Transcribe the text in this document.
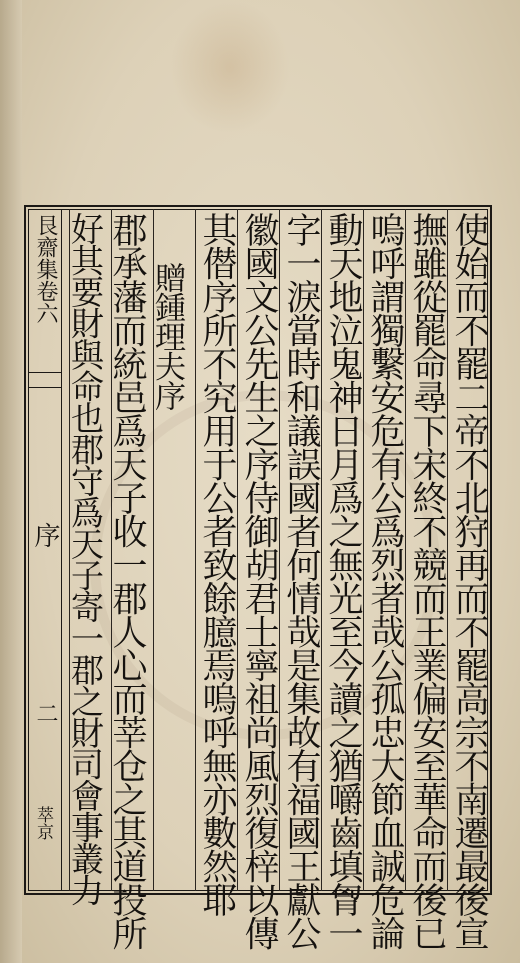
艮齋集卷六
序
二
萃京	使始而不罷二帝不北狩再而不罷高宗不南遷最後宣
撫雖從罷命尋下宋終不競而王業偏安至華命而後已
嗚呼謂獨繫安危有公爲烈者哉公孤忠大節血誠危論
動天地泣鬼神日月爲之無光至今讀之猶嚼齒填胷一
字一淚當時和議誤國者何情哉是集故有福國王獻公
徽國文公先生之序侍御胡君士寧祖尚風烈復梓以傳
其僣序所不究用于公者致餘臆焉嗚呼無亦數然耶
贈鍾理夫序
郡承藩而統邑爲天子收一郡人心而莘仓之其道投所
好其要財與命也郡守爲天子寄一郡之財司會事叢力
